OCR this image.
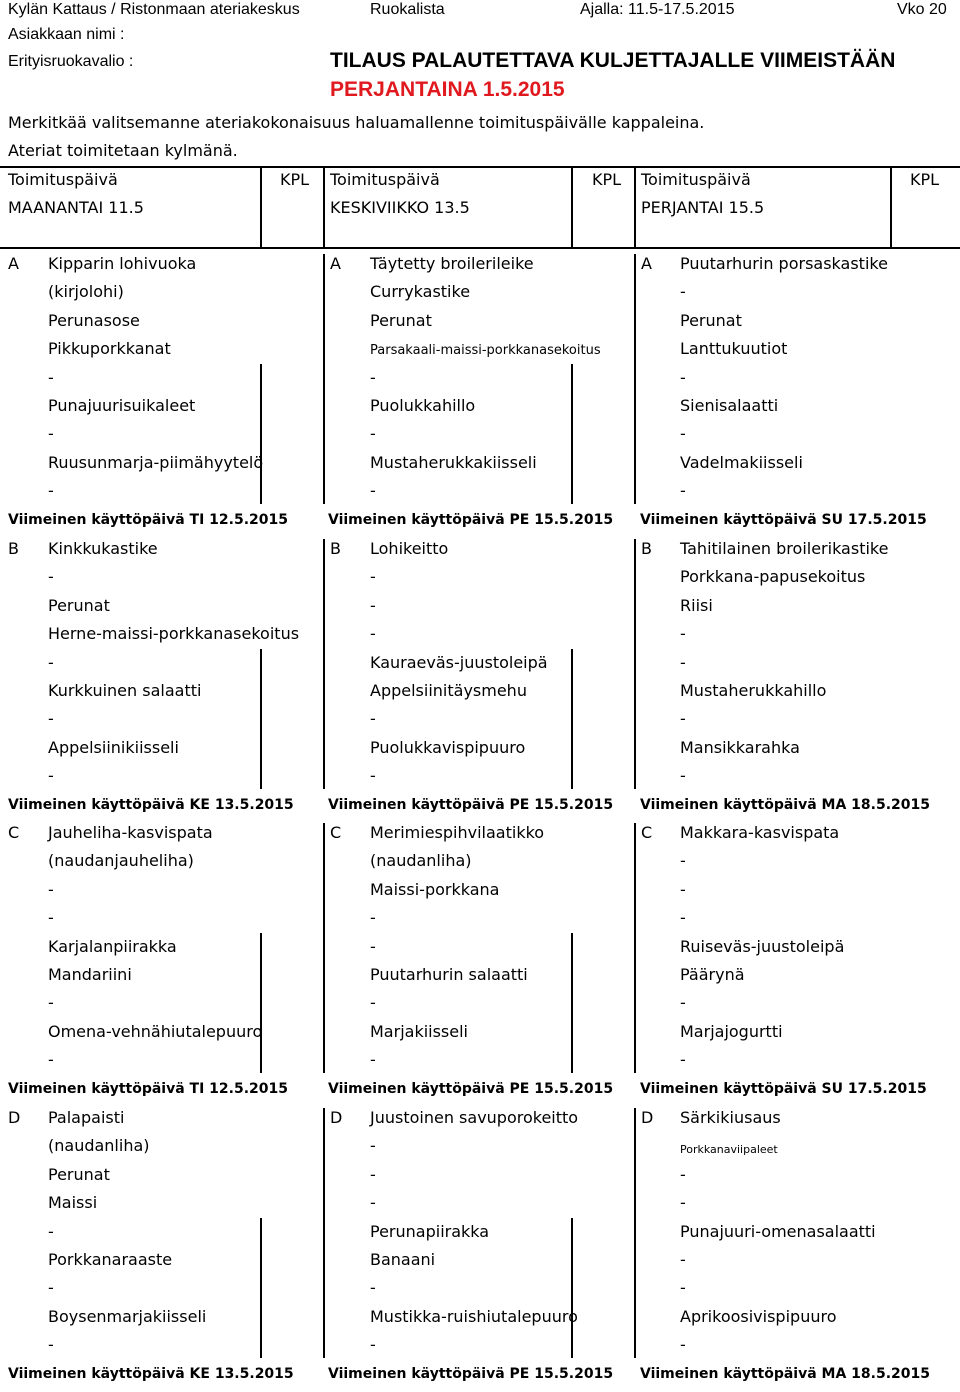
Kylän Kattaus / Ristonmaan ateriakeskus	Ruokalista	Ajalla: 11.5-17.5.2015	Vko 20
Asiakkaan nimi :
Erityisruokavalio :	TILAUS PALAUTETTAVA KULJETTAJALLE VIIMEISTÄÄN
PERJANTAINA 1.5.2015
Merkitkää valitsemanne ateriakokonaisuus haluamallenne toimituspäivälle kappaleina.
Ateriat toimitetaan kylmänä.
Toimituspäivä	KPL
MAANANTAI 11.5
Toimituspäivä	KPL
KESKIVIIKKO 13.5
Toimituspäivä	KPL
PERJANTAI 15.5
A Kipparin lohivuoka
(kirjolohi)
Perunasose
Pikkuporkkanat
-
Punajuurisuikaleet
-
Ruusunmarja-piimähyytelö
-
Viimeinen käyttöpäivä TI 12.5.2015
A Täytetty broilerileike
Currykastike
Perunat
Parsakaali-maissi-porkkanasekoitus
-
Puolukkahillo
-
Mustaherukkakiisseli
-
Viimeinen käyttöpäivä PE 15.5.2015
A Puutarhurin porsaskastike
-
Perunat
Lanttukuutiot
-
Sienisalaatti
-
Vadelmakiisseli
-
Viimeinen käyttöpäivä SU 17.5.2015
B Kinkkukastike
-
Perunat
Herne-maissi-porkkanasekoitus
-
Kurkkuinen salaatti
-
Appelsiinikiisseli
-
Viimeinen käyttöpäivä KE 13.5.2015
B Lohikeitto
-
-
-
Kauraeväs-juustoleipä
Appelsiinitäysmehu
-
Puolukkavispipuuro
-
Viimeinen käyttöpäivä PE 15.5.2015
B Tahitilainen broilerikastike
Porkkana-papusekoitus
Riisi
-
-
Mustaherukkahillo
-
Mansikkarahka
-
Viimeinen käyttöpäivä MA 18.5.2015
C Jauheliha-kasvispata
(naudanjauheliha)
-
-
Karjalanpiirakka
Mandariini
-
Omena-vehnähiutalepuuro
-
Viimeinen käyttöpäivä TI 12.5.2015
C Merimiespihvilaatikko
(naudanliha)
Maissi-porkkana
-
-
Puutarhurin salaatti
-
Marjakiisseli
-
Viimeinen käyttöpäivä PE 15.5.2015
C Makkara-kasvispata
-
-
-
Ruiseväs-juustoleipä
Päärynä
-
Marjajogurtti
-
Viimeinen käyttöpäivä SU 17.5.2015
D Palapaisti
(naudanliha)
Perunat
Maissi
-
Porkkanaraaste
-
Boysenmarjakiisseli
-
Viimeinen käyttöpäivä KE 13.5.2015
D Juustoinen savuporokeitto
-
-
-
Perunapiirakka
Banaani
-
Mustikka-ruishiutalepuuro
-
Viimeinen käyttöpäivä PE 15.5.2015
D Särkikiusaus
Porkkanaviipaleet
-
-
Punajuuri-omenasalaatti
-
-
Aprikoosivispipuuro
-
Viimeinen käyttöpäivä MA 18.5.2015
